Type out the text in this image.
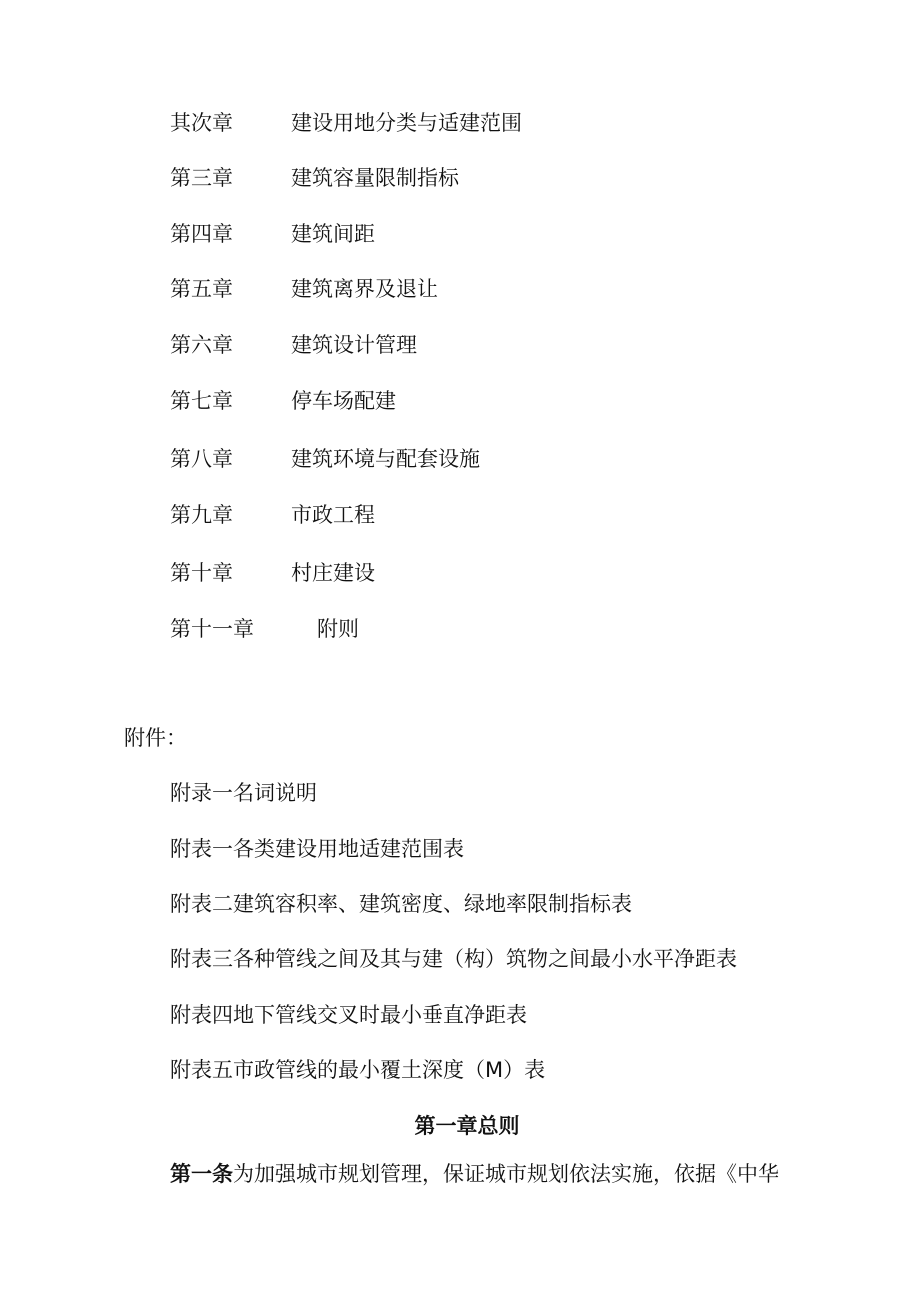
其次章	建设用地分类与适建范围
第三章	建筑容量限制指标
第四章	建筑间距
第五章	建筑离界及退让
第六章	建筑设计管理
第七章	停车场配建
第八章	建筑环境与配套设施
第九章	市政工程
第十章	村庄建设
第十一章	附则
附件：
附录一名词说明
附表一各类建设用地适建范围表
附表二建筑容积率、建筑密度、绿地率限制指标表
附表三各种管线之间及其与建（构）筑物之间最小水平净距表
附表四地下管线交叉时最小垂直净距表
附表五市政管线的最小覆土深度（M）表
第一章总则
第一条为加强城市规划管理，保证城市规划依法实施，依据《中华
